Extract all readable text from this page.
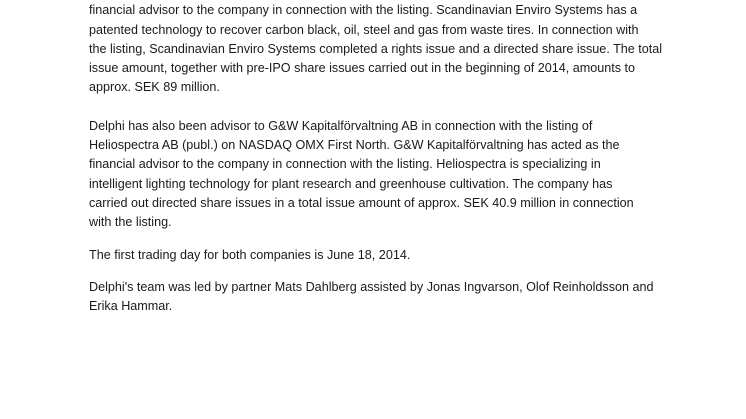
financial advisor to the company in connection with the listing. Scandinavian Enviro Systems has a
patented technology to recover carbon black, oil, steel and gas from waste tires. In connection with
the listing, Scandinavian Enviro Systems completed a rights issue and a directed share issue. The total
issue amount, together with pre-IPO share issues carried out in the beginning of 2014, amounts to
approx. SEK 89 million.

Delphi has also been advisor to G&W Kapitalförvaltning AB in connection with the listing of
Heliospectra AB (publ.) on NASDAQ OMX First North. G&W Kapitalförvaltning has acted as the
financial advisor to the company in connection with the listing. Heliospectra is specializing in
intelligent lighting technology for plant research and greenhouse cultivation. The company has
carried out directed share issues in a total issue amount of approx. SEK 40.9 million in connection
with the listing.

The first trading day for both companies is June 18, 2014.

Delphi's team was led by partner Mats Dahlberg assisted by Jonas Ingvarson, Olof Reinholdsson and
Erika Hammar.
